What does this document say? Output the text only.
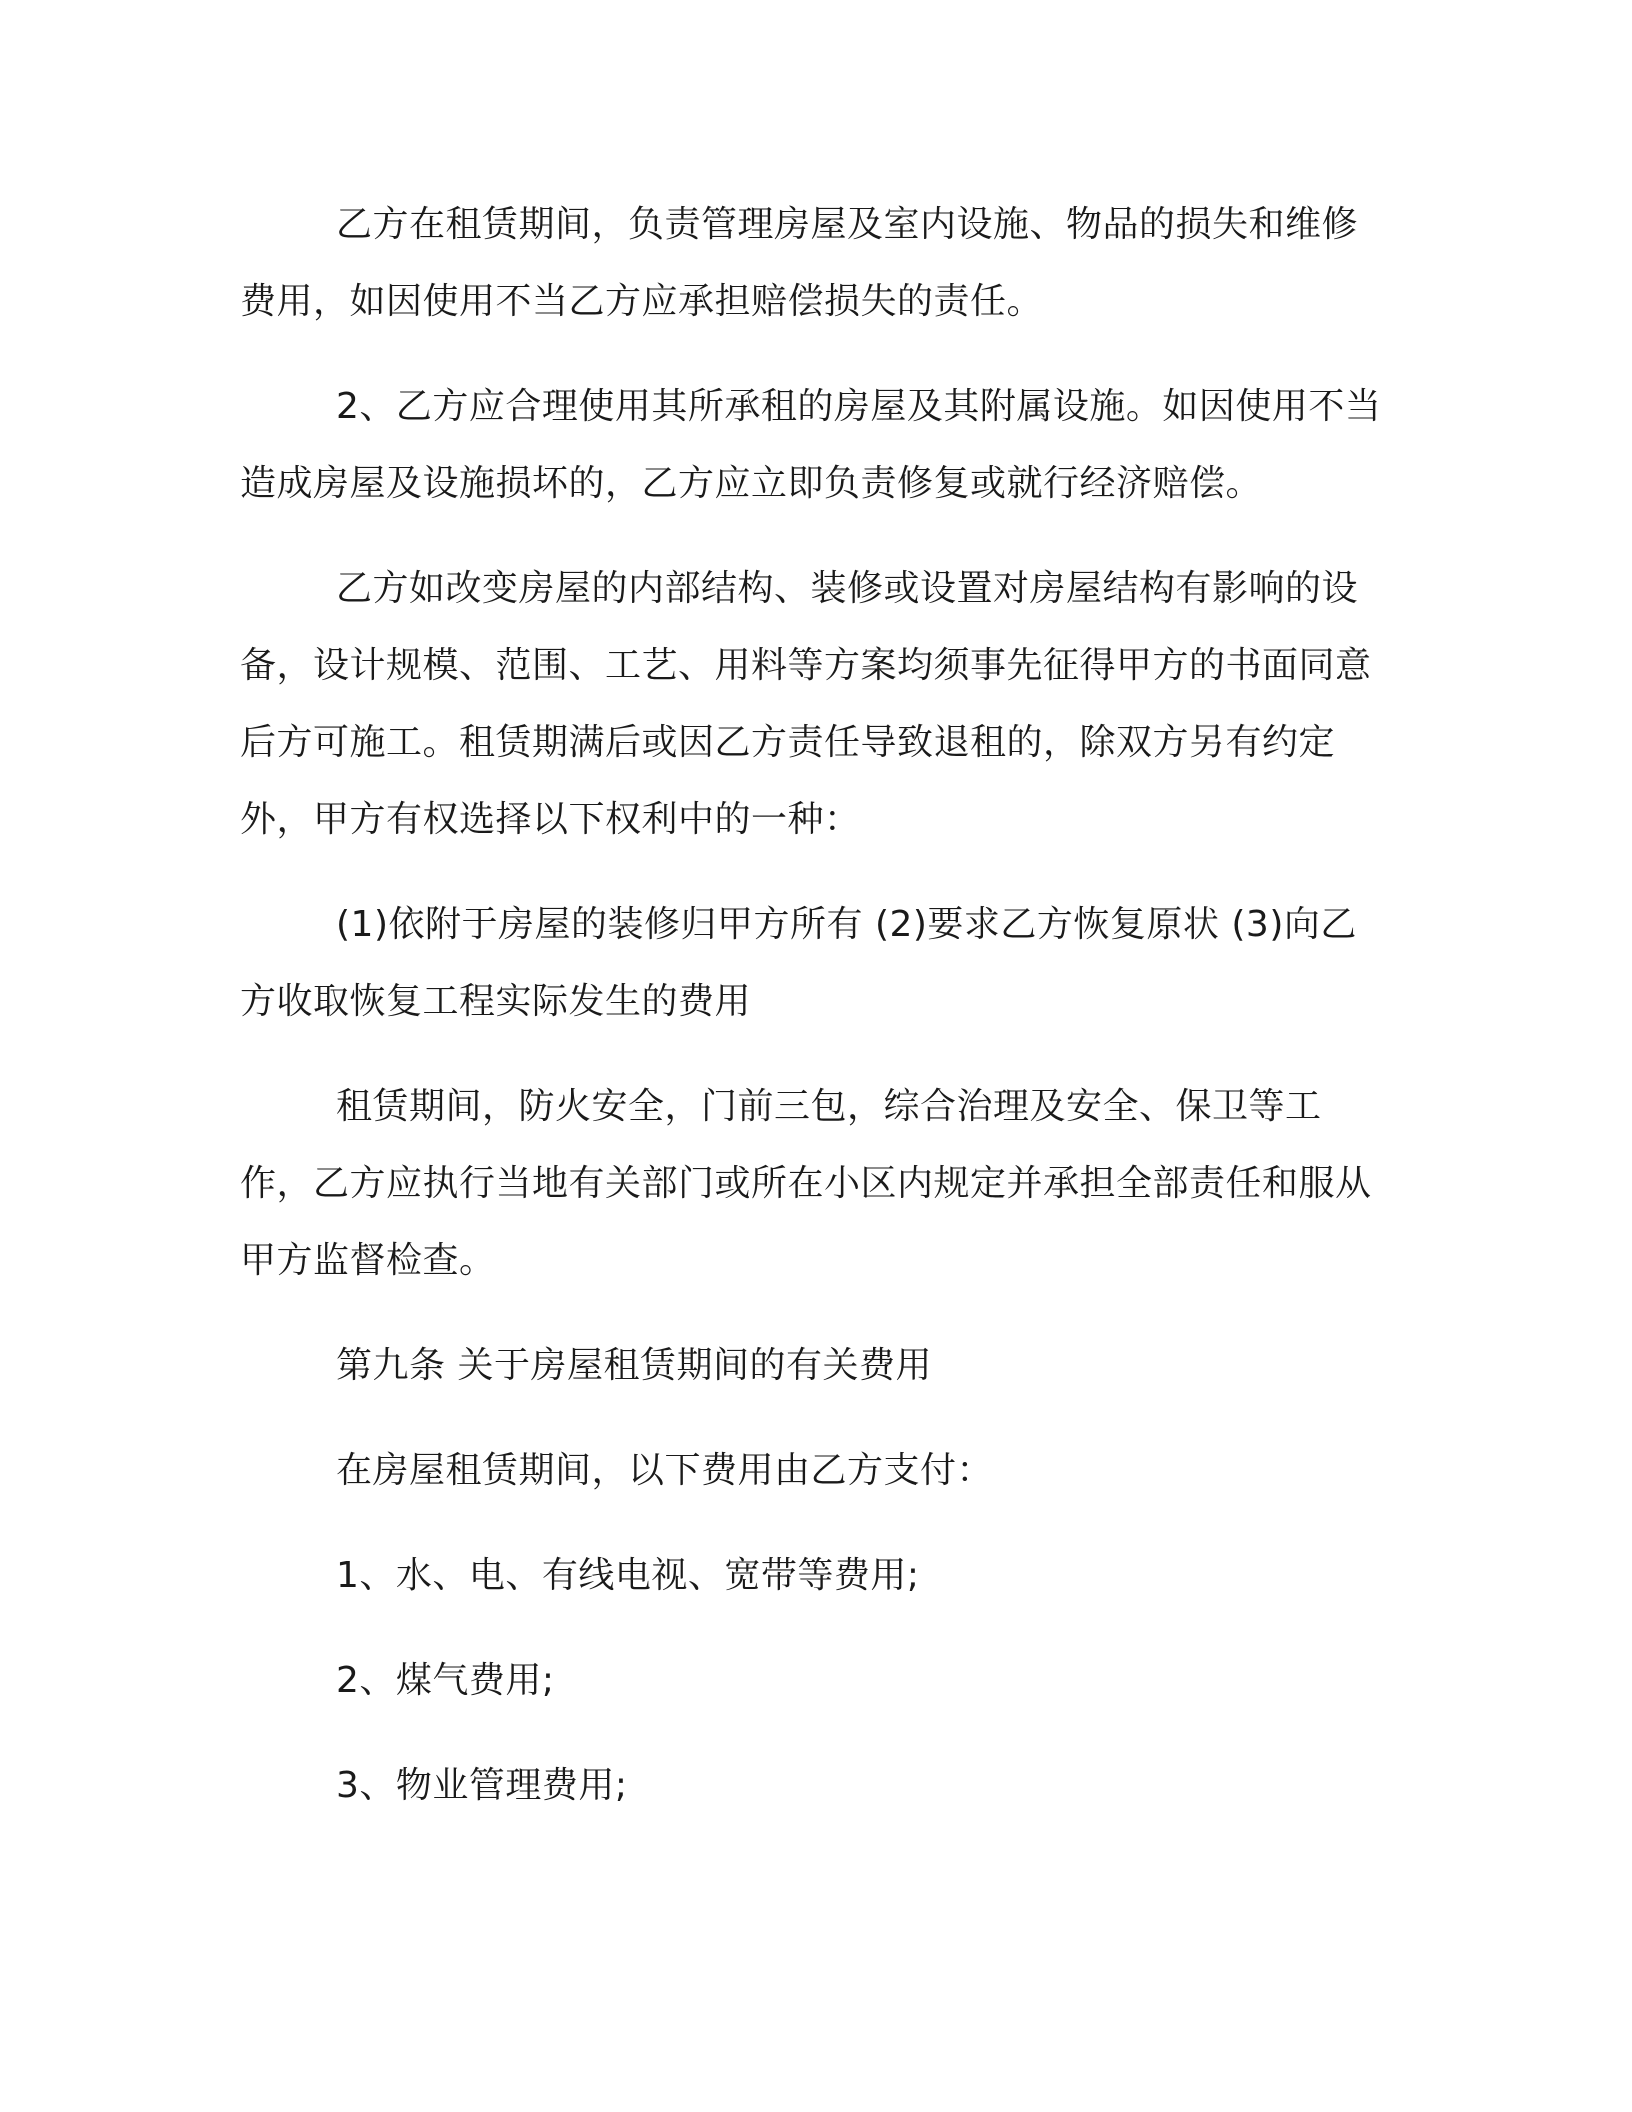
乙方在租赁期间，负责管理房屋及室内设施、物品的损失和维修费用，如因使用不当乙方应承担赔偿损失的责任。

2、乙方应合理使用其所承租的房屋及其附属设施。如因使用不当造成房屋及设施损坏的，乙方应立即负责修复或就行经济赔偿。

乙方如改变房屋的内部结构、装修或设置对房屋结构有影响的设备，设计规模、范围、工艺、用料等方案均须事先征得甲方的书面同意后方可施工。租赁期满后或因乙方责任导致退租的，除双方另有约定外，甲方有权选择以下权利中的一种：

(1)依附于房屋的装修归甲方所有 (2)要求乙方恢复原状 (3)向乙方收取恢复工程实际发生的费用

租赁期间，防火安全，门前三包，综合治理及安全、保卫等工作，乙方应执行当地有关部门或所在小区内规定并承担全部责任和服从甲方监督检查。

第九条 关于房屋租赁期间的有关费用

在房屋租赁期间，以下费用由乙方支付：

1、水、电、有线电视、宽带等费用;

2、煤气费用;

3、物业管理费用;
